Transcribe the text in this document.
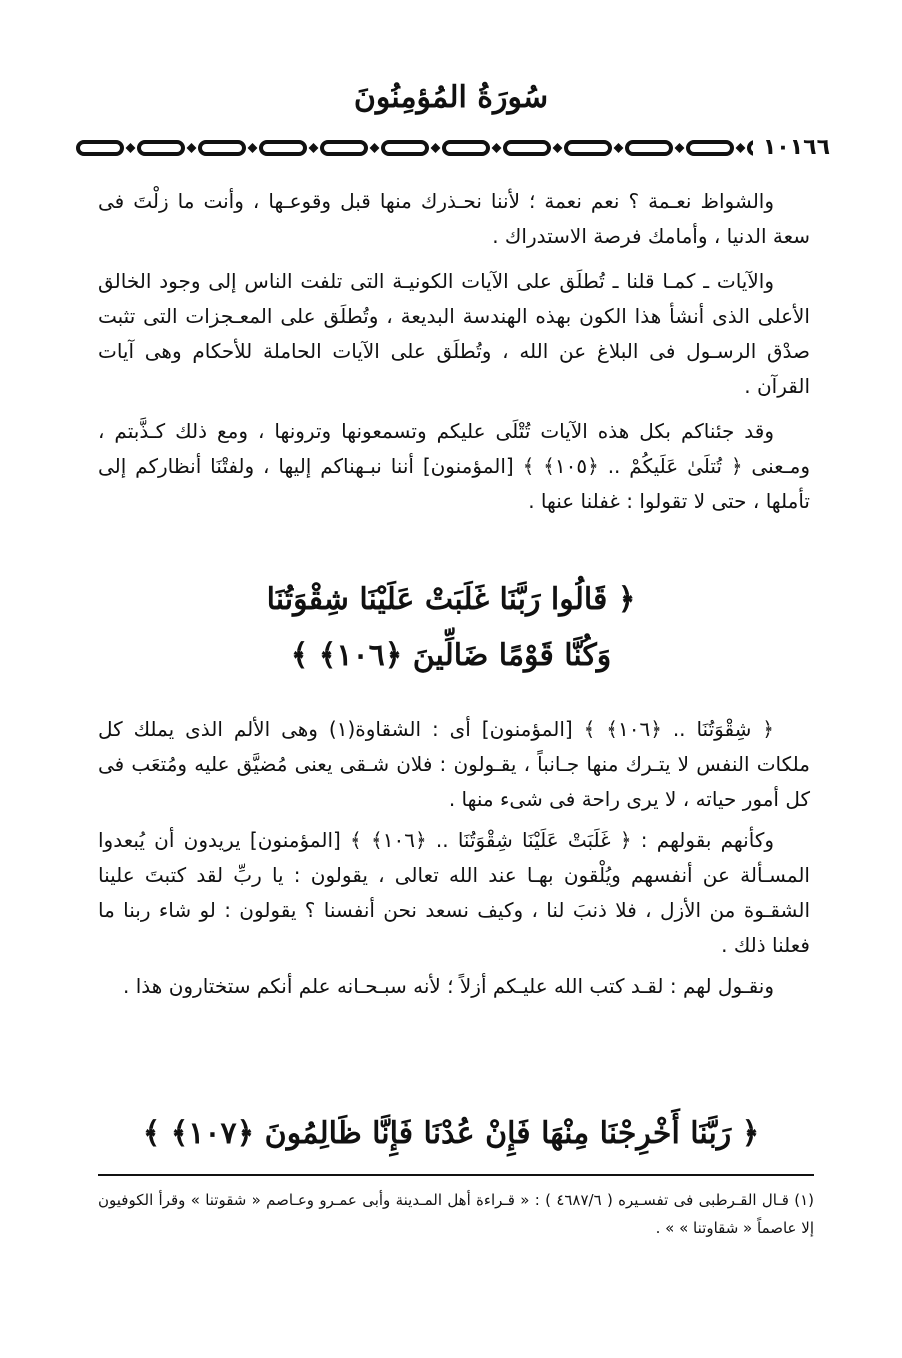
سُورَةُ المُؤمِنُونَ
١٠١٦٦

والشواظ نعـمة ؟ نعم نعمة ؛ لأننا نحـذرك منها قبل وقوعـها ، وأنت ما زلْتَ فى سعة الدنيا ، وأمامك فرصة الاستدراك .

والآيات ـ كمـا قلنا ـ تُطلَق على الآيات الكونيـة التى تلفت الناس إلى وجود الخالق الأعلى الذى أنشأ هذا الكون بهذه الهندسة البديعة ، وتُطلَق على المعـجزات التى تثبت صدْق الرسـول فى البلاغ عن الله ، وتُطلَق على الآيات الحاملة للأحكام وهى آيات القرآن .

وقد جئناكم بكل هذه الآيات تُتْلَى عليكم وتسمعونها وترونها ، ومع ذلك كـذَّبتم ، ومـعنى ﴿ تُتلَىٰ عَلَيكُمْ .. ﴿١٠٥﴾ ﴾ [المؤمنون] أننا نبـهناكم إليها ، ولفتْنَا أنظاركم إلى تأملها ، حتى لا تقولوا : غفلنا عنها .

﴿ قَالُوا رَبَّنَا غَلَبَتْ عَلَيْنَا شِقْوَتُنَا
وَكُنَّا قَوْمًا ضَالِّينَ ﴿١٠٦﴾ ﴾

﴿ شِقْوَتُنَا .. ﴿١٠٦﴾ ﴾ [المؤمنون] أى : الشقاوة(١) وهى الألم الذى يملك كل ملكات النفس لا يتـرك منها جـانباً ، يقـولون : فلان شـقى يعنى مُضيَّق عليه ومُتعَب فى كل أمور حياته ، لا يرى راحة فى شىء منها .

وكأنهم بقولهم : ﴿ غَلَبَتْ عَلَيْنَا شِقْوَتُنَا .. ﴿١٠٦﴾ ﴾ [المؤمنون] يريدون أن يُبعدوا المسـألة عن أنفسهم ويُلْقون بهـا عند الله تعالى ، يقولون : يا ربِّ لقد كتبتَ علينا الشقـوة من الأزل ، فلا ذنبَ لنا ، وكيف نسعد نحن أنفسنا ؟ يقولون : لو شاء ربنا ما فعلنا ذلك .

ونقـول لهم : لقـد كتب الله عليـكم أزلاً ؛ لأنه سبـحـانه علم أنكم ستختارون هذا .

﴿ رَبَّنَا أَخْرِجْنَا مِنْهَا فَإِنْ عُدْنَا فَإِنَّا ظَالِمُونَ ﴿١٠٧﴾ ﴾
(١) قـال القـرطبى فى تفسـيره ( ٤٦٨٧/٦ ) : « قـراءة أهل المـدينة وأبى عمـرو وعـاصم « شقوتنا » وقرأ الكوفيون إلا عاصماً « شقاوتنا » » .
